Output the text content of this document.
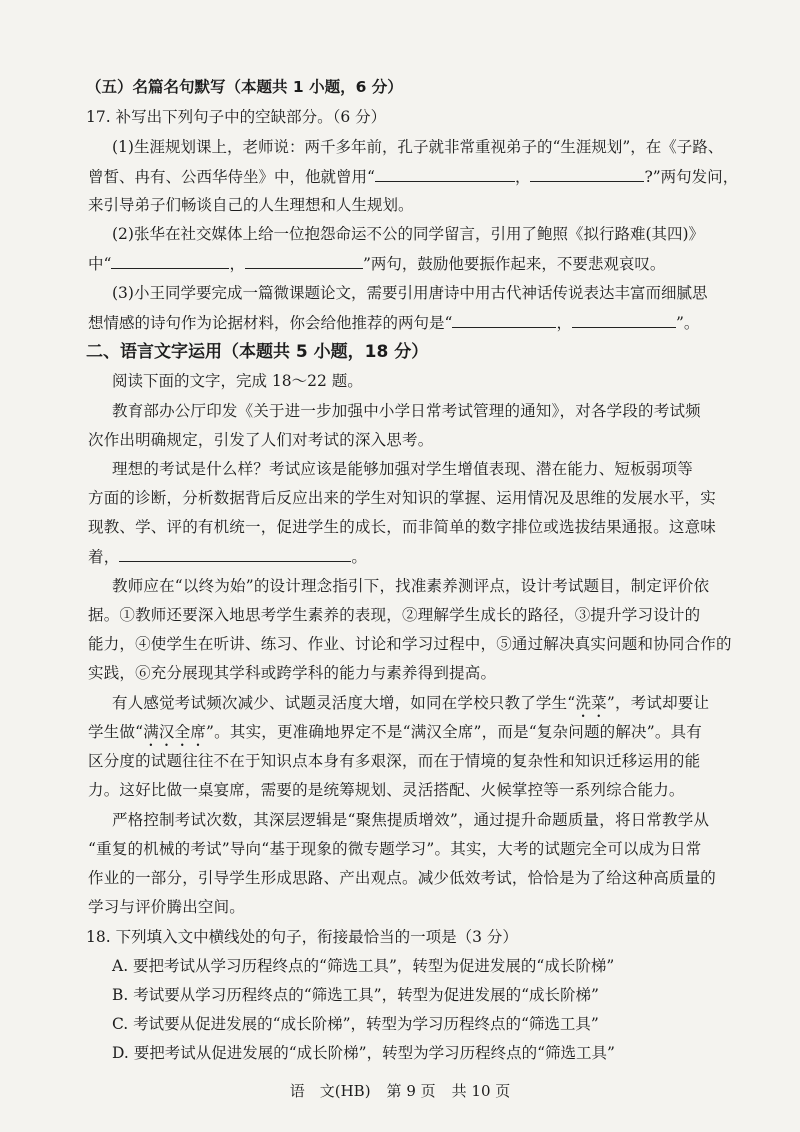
（五）名篇名句默写（本题共 1 小题，6 分）
17. 补写出下列句子中的空缺部分。（6 分）
(1)生涯规划课上，老师说：两千多年前，孔子就非常重视弟子的“生涯规划”，在《子路、
曾皙、冉有、公西华侍坐》中，他就曾用“	，	?”两句发问，
来引导弟子们畅谈自己的人生理想和人生规划。
(2)张华在社交媒体上给一位抱怨命运不公的同学留言，引用了鲍照《拟行路难(其四)》
中“	，	”两句，鼓励他要振作起来，不要悲观哀叹。
(3)小王同学要完成一篇微课题论文，需要引用唐诗中用古代神话传说表达丰富而细腻思
想情感的诗句作为论据材料，你会给他推荐的两句是“	，	”。
二、语言文字运用（本题共 5 小题，18 分）
阅读下面的文字，完成 18～22 题。
教育部办公厅印发《关于进一步加强中小学日常考试管理的通知》，对各学段的考试频
次作出明确规定，引发了人们对考试的深入思考。
理想的考试是什么样？考试应该是能够加强对学生增值表现、潜在能力、短板弱项等
方面的诊断，分析数据背后反应出来的学生对知识的掌握、运用情况及思维的发展水平，实
现教、学、评的有机统一，促进学生的成长，而非简单的数字排位或选拔结果通报。这意味
着，	。
教师应在“以终为始”的设计理念指引下，找准素养测评点，设计考试题目，制定评价依
据。①教师还要深入地思考学生素养的表现，②理解学生成长的路径，③提升学习设计的
能力，④使学生在听讲、练习、作业、讨论和学习过程中，⑤通过解决真实问题和协同合作的
实践，⑥充分展现其学科或跨学科的能力与素养得到提高。
有人感觉考试频次减少、试题灵活度大增，如同在学校只教了学生“洗菜”，考试却要让
学生做“满汉全席”。其实，更准确地界定不是“满汉全席”，而是“复杂问题的解决”。具有
区分度的试题往往不在于知识点本身有多艰深，而在于情境的复杂性和知识迁移运用的能
力。这好比做一桌宴席，需要的是统筹规划、灵活搭配、火候掌控等一系列综合能力。
严格控制考试次数，其深层逻辑是“聚焦提质增效”，通过提升命题质量，将日常教学从
“重复的机械的考试”导向“基于现象的微专题学习”。其实，大考的试题完全可以成为日常
作业的一部分，引导学生形成思路、产出观点。减少低效考试，恰恰是为了给这种高质量的
学习与评价腾出空间。
18. 下列填入文中横线处的句子，衔接最恰当的一项是（3 分）
A. 要把考试从学习历程终点的“筛选工具”，转型为促进发展的“成长阶梯”
B. 考试要从学习历程终点的“筛选工具”，转型为促进发展的“成长阶梯”
C. 考试要从促进发展的“成长阶梯”，转型为学习历程终点的“筛选工具”
D. 要把考试从促进发展的“成长阶梯”，转型为学习历程终点的“筛选工具”
语　文(HB) 第 9 页 共 10 页
